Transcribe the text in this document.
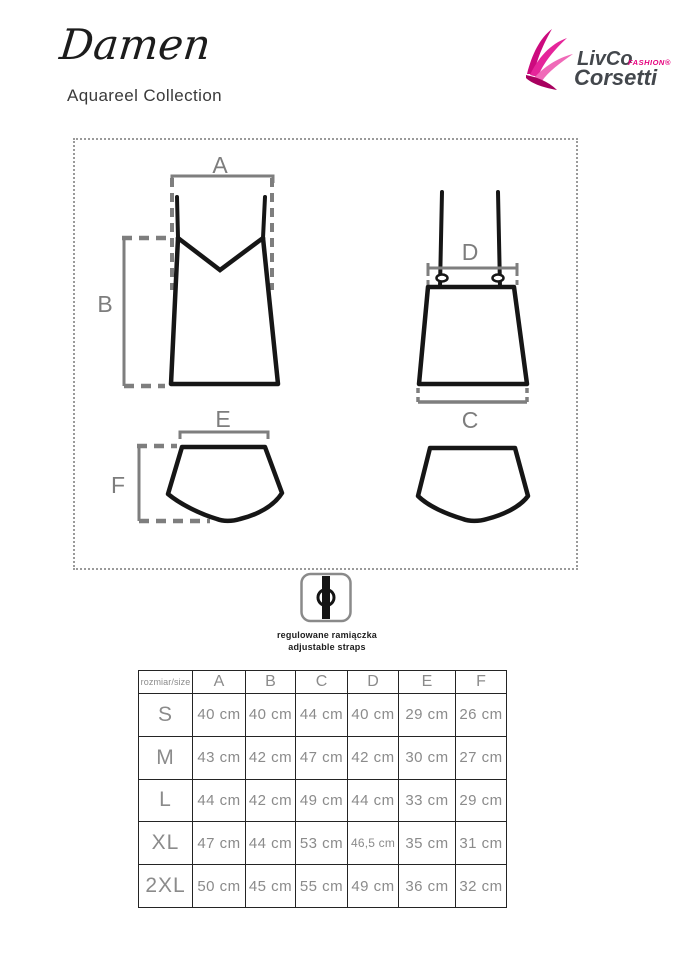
Damen
Aquareel Collection
LivCo
FASHION®
Corsetti
A
B
D
C
E
F
regulowane ramiączka
adjustable straps
rozmiar/size	A	B	C	D	E	F
S	40 cm	40 cm	44 cm	40 cm	29 cm	26 cm
M	43 cm	42 cm	47 cm	42 cm	30 cm	27 cm
L	44 cm	42 cm	49 cm	44 cm	33 cm	29 cm
XL	47 cm	44 cm	53 cm	46,5 cm	35 cm	31 cm
2XL	50 cm	45 cm	55 cm	49 cm	36 cm	32 cm
